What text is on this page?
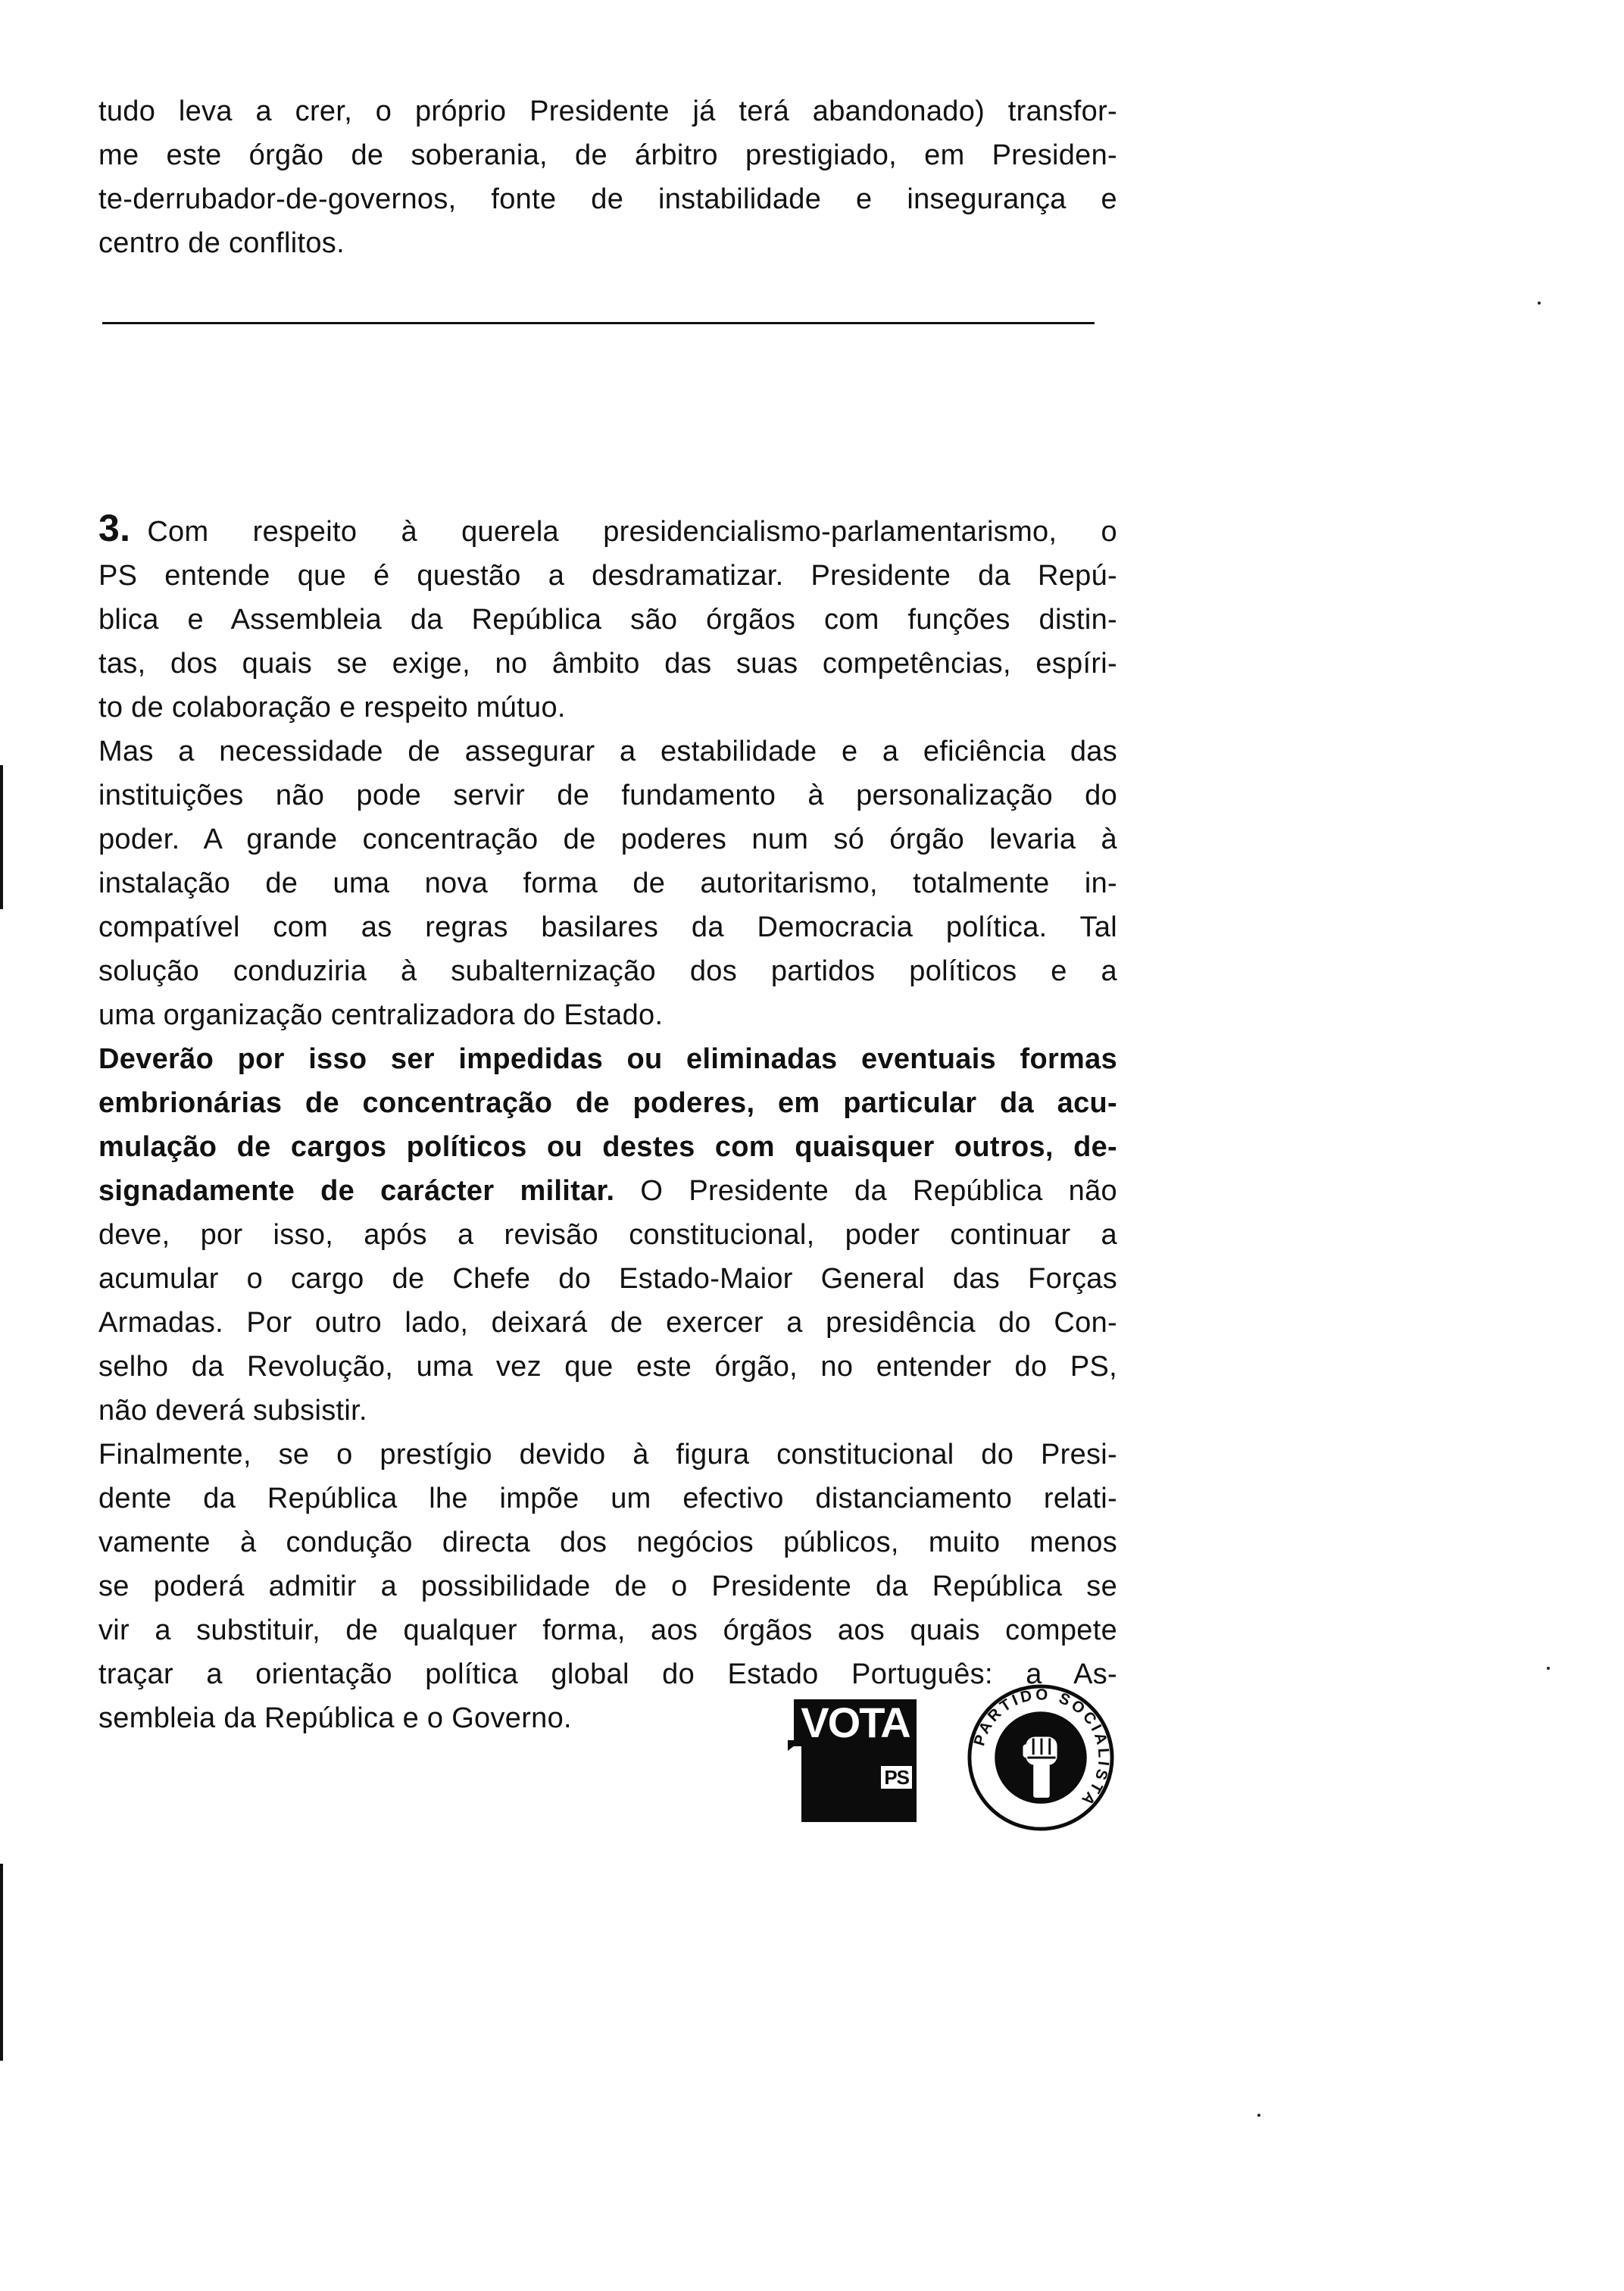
tudo leva a crer, o próprio Presidente já terá abandonado) transfor-
me este órgão de soberania, de árbitro prestigiado, em Presiden-
te-derrubador-de-governos, fonte de instabilidade e insegurança e
centro de conflitos.
3. Com respeito à querela presidencialismo-parlamentarismo, o
PS entende que é questão a desdramatizar. Presidente da Repú-
blica e Assembleia da República são órgãos com funções distin-
tas, dos quais se exige, no âmbito das suas competências, espíri-
to de colaboração e respeito mútuo.
Mas a necessidade de assegurar a estabilidade e a eficiência das
instituições não pode servir de fundamento à personalização do
poder. A grande concentração de poderes num só órgão levaria à
instalação de uma nova forma de autoritarismo, totalmente in-
compatível com as regras basilares da Democracia política. Tal
solução conduziria à subalternização dos partidos políticos e a
uma organização centralizadora do Estado.
Deverão por isso ser impedidas ou eliminadas eventuais formas
embrionárias de concentração de poderes, em particular da acu-
mulação de cargos políticos ou destes com quaisquer outros, de-
signadamente de carácter militar. O Presidente da República não
deve, por isso, após a revisão constitucional, poder continuar a
acumular o cargo de Chefe do Estado-Maior General das Forças
Armadas. Por outro lado, deixará de exercer a presidência do Con-
selho da Revolução, uma vez que este órgão, no entender do PS,
não deverá subsistir.
Finalmente, se o prestígio devido à figura constitucional do Presi-
dente da República lhe impõe um efectivo distanciamento relati-
vamente à condução directa dos negócios públicos, muito menos
se poderá admitir a possibilidade de o Presidente da República se
vir a substituir, de qualquer forma, aos órgãos aos quais compete
traçar a orientação política global do Estado Português: a As-
sembleia da República e o Governo.	VOTA
PS
PARTIDO SOCIALISTA
